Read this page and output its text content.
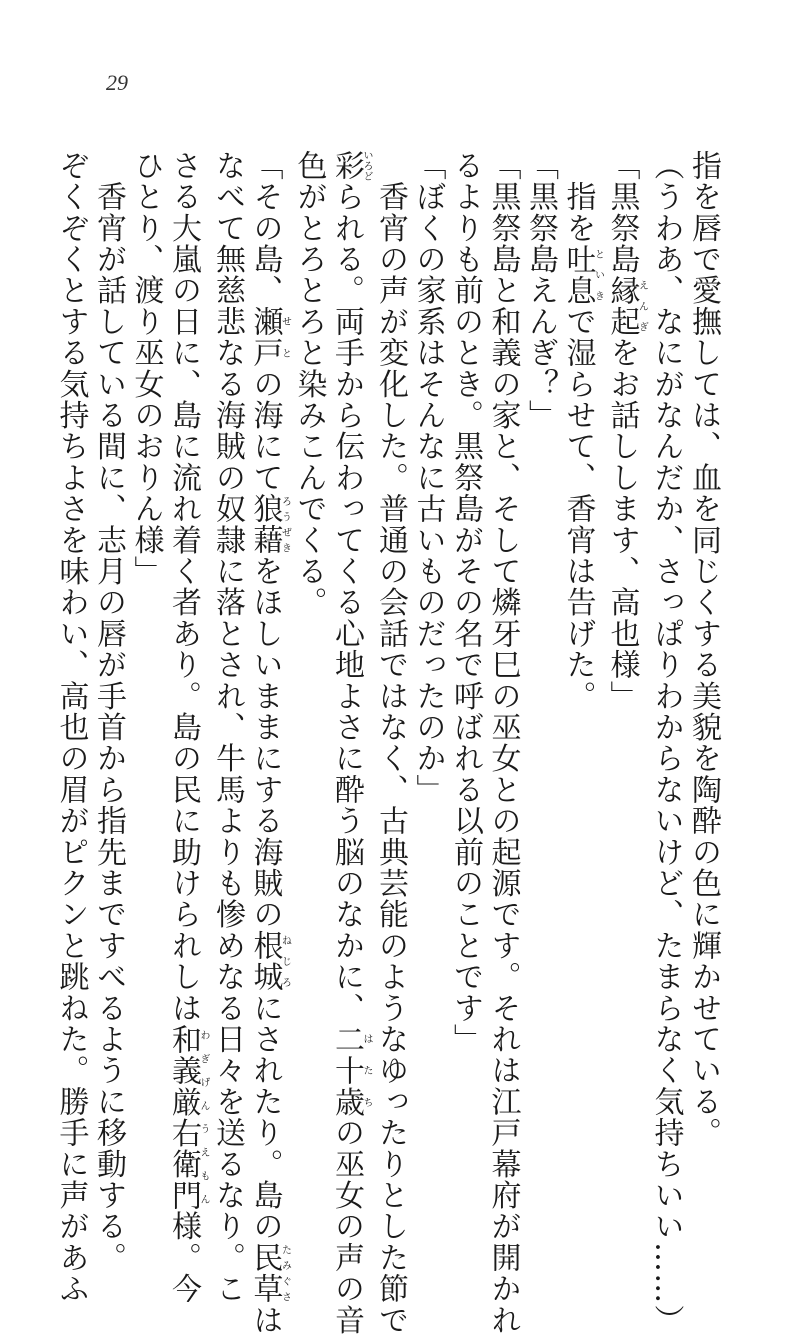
29
指を唇で愛撫しては、血を同じくする美貌を陶酔の色に輝かせている。
（うわあ、なにがなんだか、さっぱりわからないけど、たまらなく気持ちいい……）
「黒祭島縁起えんぎをお話しします、高也様」
　指を吐息といきで湿らせて、香宵は告げた。
「黒祭島えんぎ？」
「黒祭島と和義の家と、そして燐牙巳の巫女との起源です。それは江戸幕府が開かれ
るよりも前のとき。黒祭島がその名で呼ばれる以前のことです」
「ぼくの家系はそんなに古いものだったのか」
　香宵の声が変化した。普通の会話ではなく、古典芸能のようなゆったりとした節で
彩いろどられる。両手から伝わってくる心地よさに酔う脳のなかに、二十歳はたちの巫女の声の音
色がとろとろと染みこんでくる。
「その島、瀬戸せとの海にて狼藉ろうぜきをほしいままにする海賊の根城ねじろにされたり。島の民草たみぐさは
なべて無慈悲なる海賊の奴隷に落とされ、牛馬よりも惨めなる日々を送るなり。こ
さる大嵐の日に、島に流れ着く者あり。島の民に助けられしは和義厳右衛門わぎげんうえもん様。今
ひとり、渡り巫女のおりん様」
　香宵が話している間に、志月の唇が手首から指先まですべるように移動する。
ぞくぞくとする気持ちよさを味わい、高也の眉がピクンと跳ねた。勝手に声があふ
